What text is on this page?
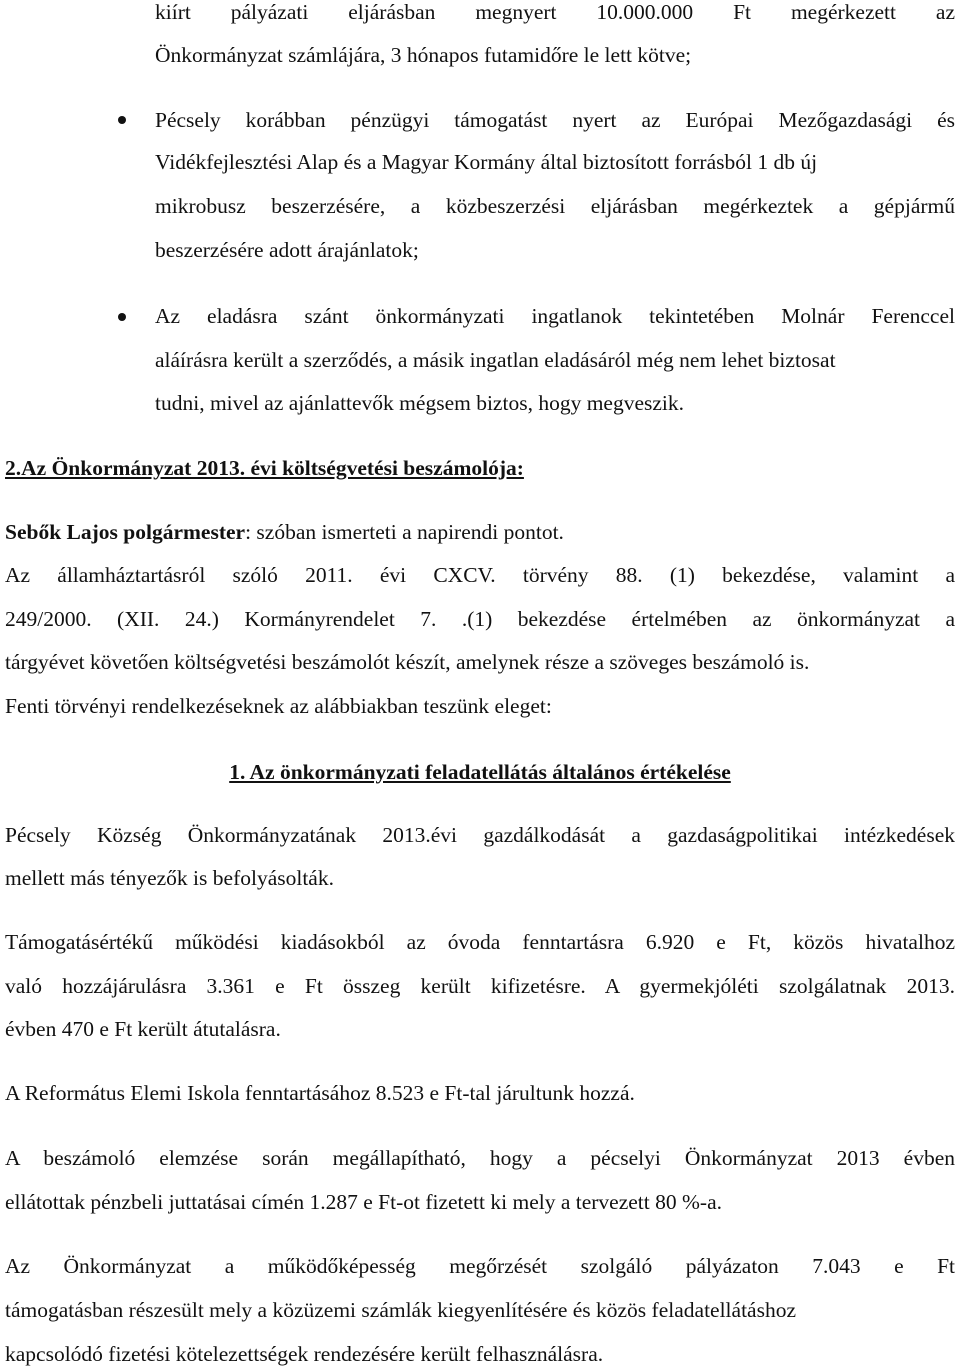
kiírt pályázati eljárásban megnyert 10.000.000 Ft megérkezett az
Önkormányzat számlájára, 3 hónapos futamidőre le lett kötve;
Pécsely korábban pénzügyi támogatást nyert az Európai Mezőgazdasági és
Vidékfejlesztési Alap és a Magyar Kormány által biztosított forrásból 1 db új
mikrobusz beszerzésére, a közbeszerzési eljárásban megérkeztek a gépjármű
beszerzésére adott árajánlatok;
Az eladásra szánt önkormányzati ingatlanok tekintetében Molnár Ferenccel
aláírásra került a szerződés, a másik ingatlan eladásáról még nem lehet biztosat
tudni, mivel az ajánlattevők mégsem biztos, hogy megveszik.
2.Az Önkormányzat 2013. évi költségvetési beszámolója:
Sebők Lajos polgármester: szóban ismerteti a napirendi pontot.
Az államháztartásról szóló 2011. évi CXCV. törvény 88. (1) bekezdése, valamint a
249/2000. (XII. 24.) Kormányrendelet 7. .(1) bekezdése értelmében az önkormányzat a
tárgyévet követően költségvetési beszámolót készít, amelynek része a szöveges beszámoló is.
Fenti törvényi rendelkezéseknek az alábbiakban teszünk eleget:
1. Az önkormányzati feladatellátás általános értékelése
Pécsely Község Önkormányzatának 2013.évi gazdálkodását a gazdaságpolitikai intézkedések
mellett más tényezők is befolyásolták.
Támogatásértékű működési kiadásokból az óvoda fenntartásra 6.920 e Ft, közös hivatalhoz
való hozzájárulásra 3.361 e Ft összeg került kifizetésre. A gyermekjóléti szolgálatnak 2013.
évben 470 e Ft került átutalásra.
A Református Elemi Iskola fenntartásához 8.523 e Ft-tal járultunk hozzá.
A beszámoló elemzése során megállapítható, hogy a pécselyi Önkormányzat 2013 évben
ellátottak pénzbeli juttatásai címén 1.287 e Ft-ot fizetett ki mely a tervezett 80 %-a.
Az Önkormányzat a működőképesség megőrzését szolgáló pályázaton 7.043 e Ft
támogatásban részesült mely a közüzemi számlák kiegyenlítésére és közös feladatellátáshoz
kapcsolódó fizetési kötelezettségek rendezésére került felhasználásra.
